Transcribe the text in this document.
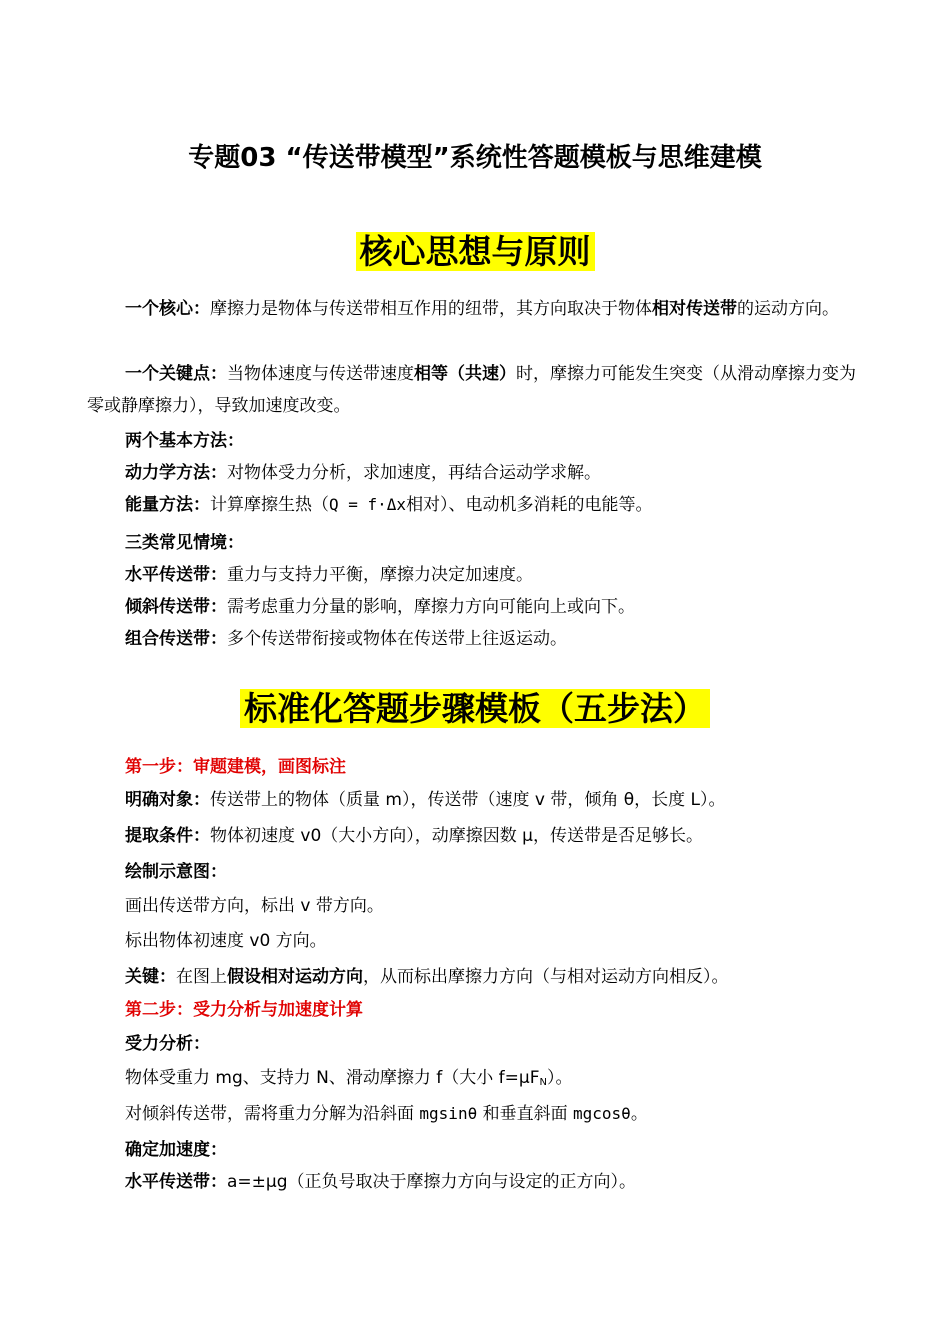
专题03 “传送带模型”系统性答题模板与思维建模
核心思想与原则
一个核心：摩擦力是物体与传送带相互作用的纽带，其方向取决于物体相对传送带的运动方向。
一个关键点：当物体速度与传送带速度相等（共速）时，摩擦力可能发生突变（从滑动摩擦力变为零或静摩擦力），导致加速度改变。
两个基本方法：
动力学方法：对物体受力分析，求加速度，再结合运动学求解。
能量方法：计算摩擦生热（Q = f·Δx相对）、电动机多消耗的电能等。
三类常见情境：
水平传送带：重力与支持力平衡，摩擦力决定加速度。
倾斜传送带：需考虑重力分量的影响，摩擦力方向可能向上或向下。
组合传送带：多个传送带衔接或物体在传送带上往返运动。
标准化答题步骤模板（五步法）
第一步：审题建模，画图标注
明确对象：传送带上的物体（质量 m），传送带（速度 v 带，倾角 θ，长度 L）。
提取条件：物体初速度 v0（大小方向），动摩擦因数 μ，传送带是否足够长。
绘制示意图：
画出传送带方向，标出 v 带方向。
标出物体初速度 v0 方向。
关键：在图上假设相对运动方向，从而标出摩擦力方向（与相对运动方向相反）。
第二步：受力分析与加速度计算
受力分析：
物体受重力 mg、支持力 N、滑动摩擦力 f（大小 $f=\mu F_N$）。
对倾斜传送带，需将重力分解为沿斜面 mgsinθ 和垂直斜面 mgcosθ。
确定加速度：
水平传送带：a=±μg（正负号取决于摩擦力方向与设定的正方向）。
